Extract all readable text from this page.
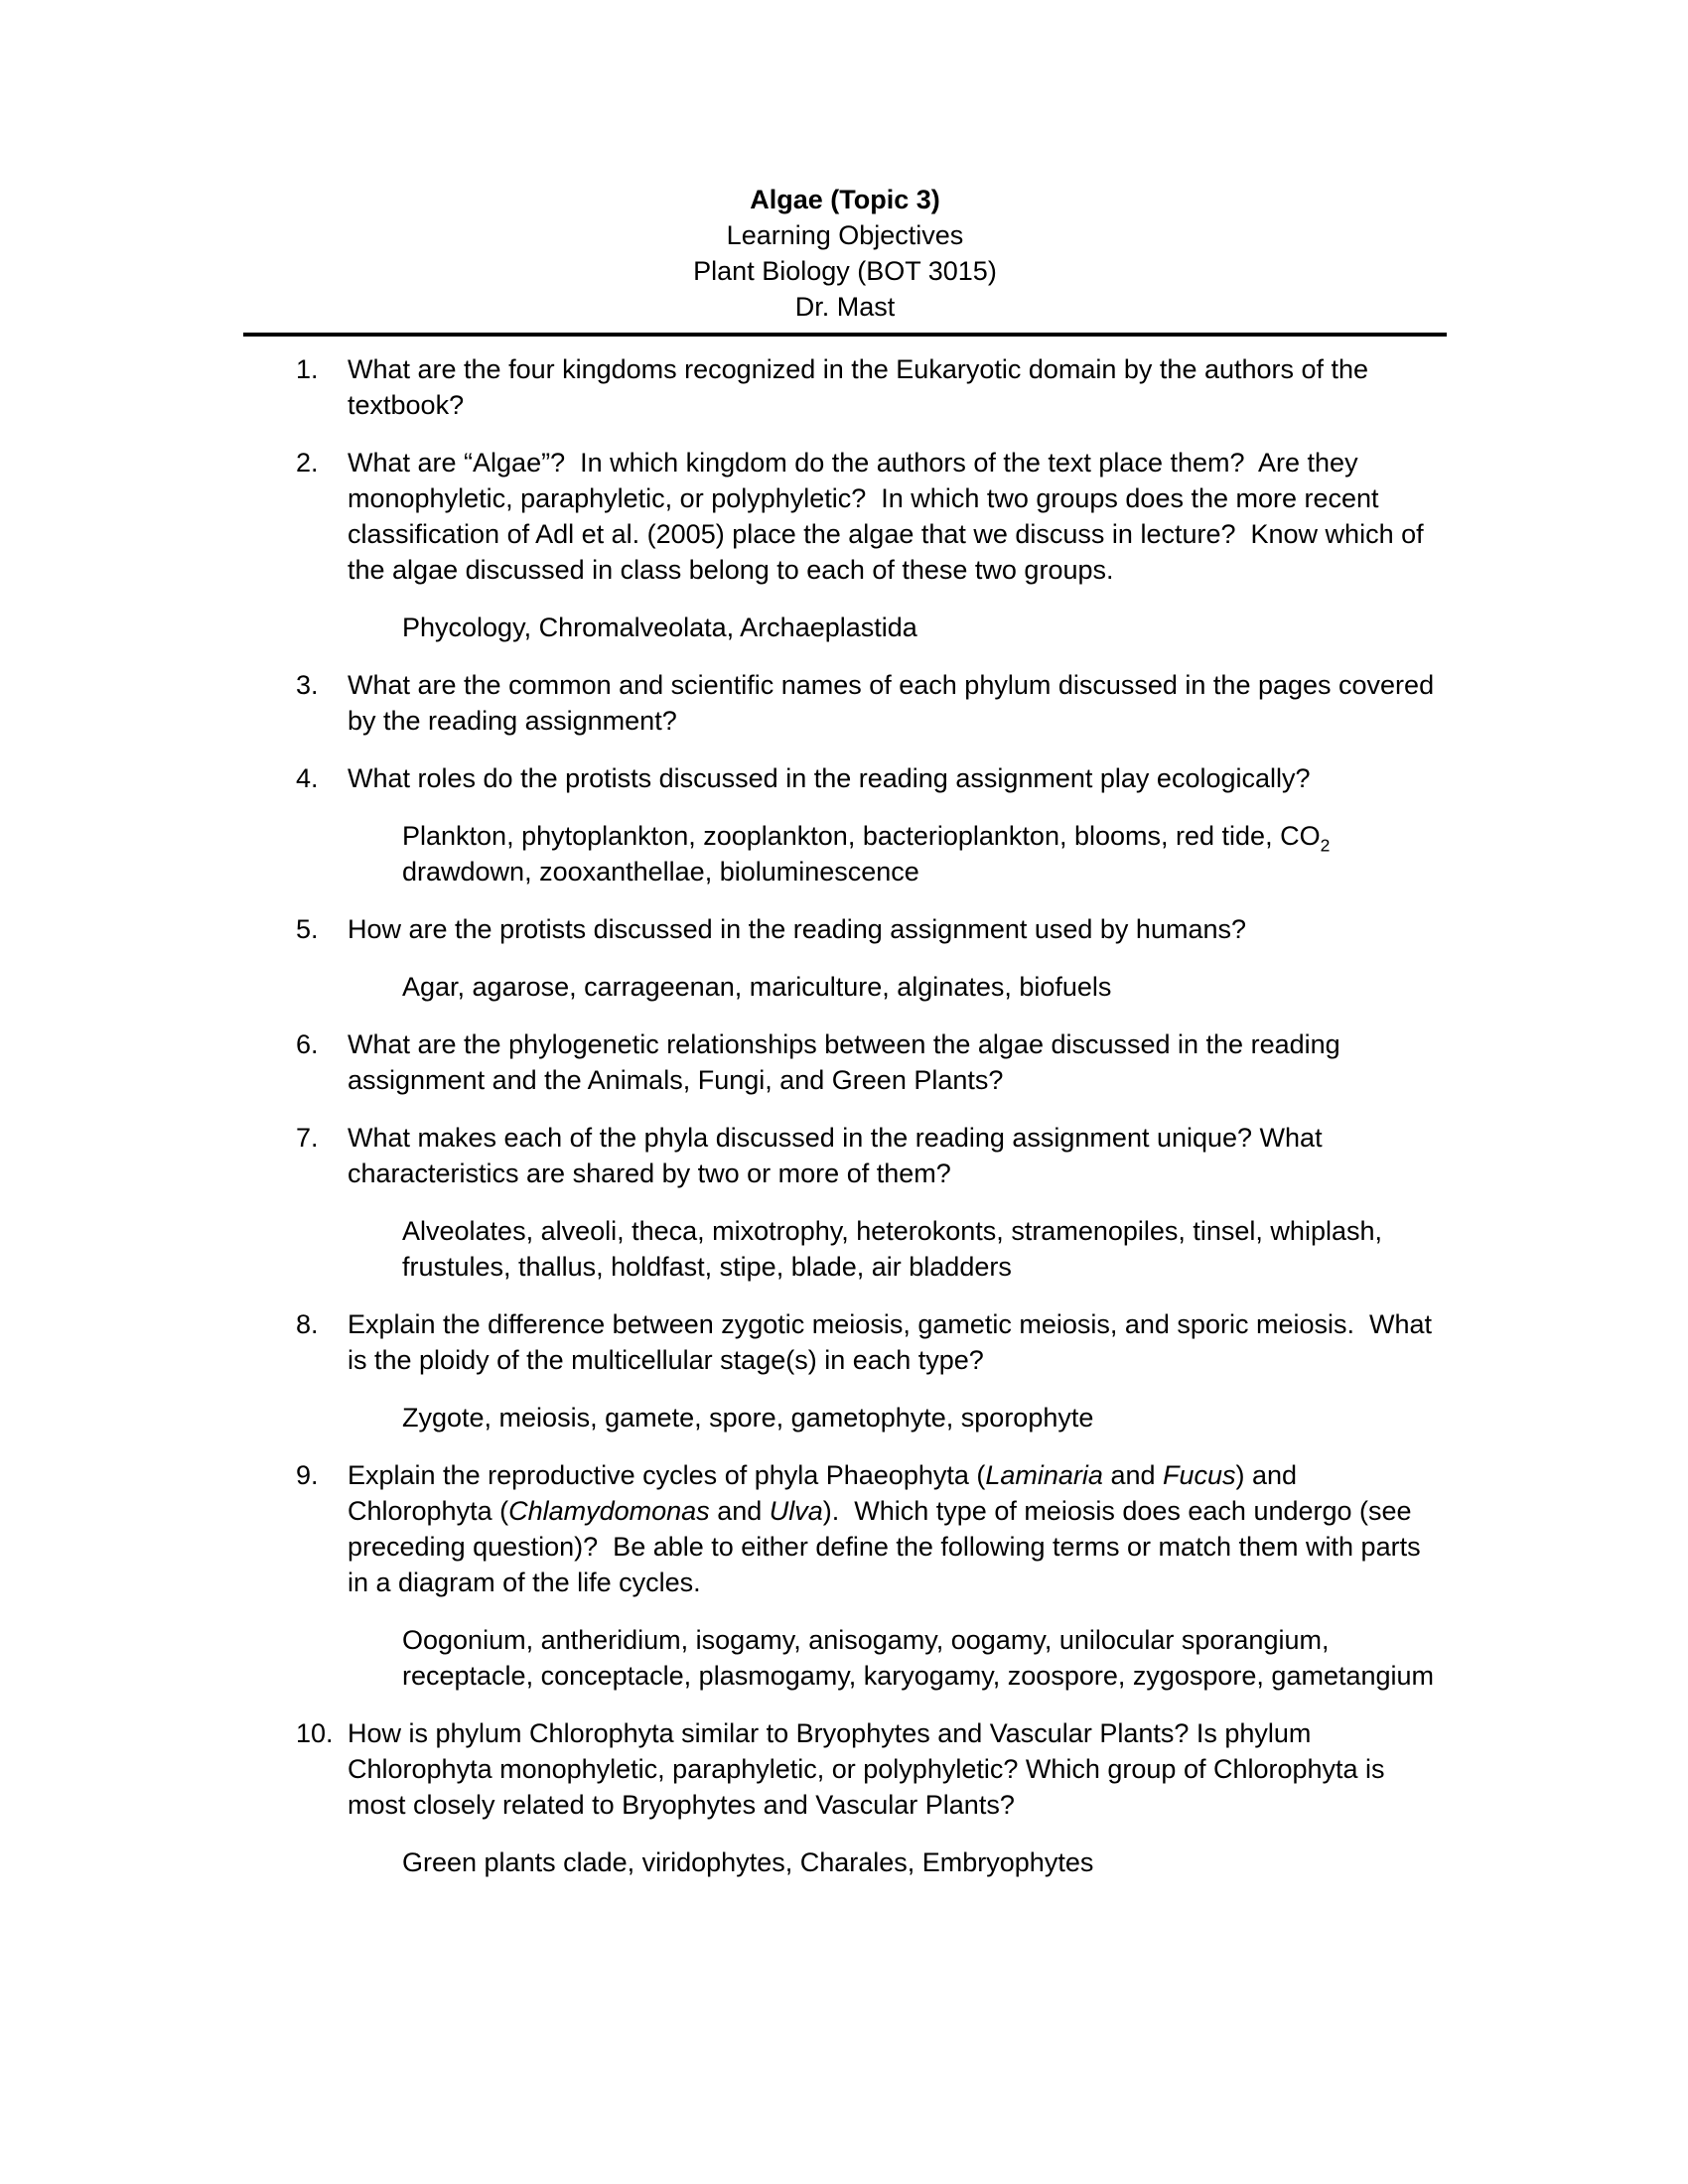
Algae (Topic 3)
Learning Objectives
Plant Biology (BOT 3015)
Dr. Mast
1.	What are the four kingdoms recognized in the Eukaryotic domain by the authors of the textbook?

2.	What are “Algae”?  In which kingdom do the authors of the text place them?  Are they monophyletic, paraphyletic, or polyphyletic?  In which two groups does the more recent classification of Adl et al. (2005) place the algae that we discuss in lecture?  Know which of the algae discussed in class belong to each of these two groups.

Phycology, Chromalveolata, Archaeplastida

3.	What are the common and scientific names of each phylum discussed in the pages covered by the reading assignment?

4.	What roles do the protists discussed in the reading assignment play ecologically?

Plankton, phytoplankton, zooplankton, bacterioplankton, blooms, red tide, $CO_2$ drawdown, zooxanthellae, bioluminescence

5.	How are the protists discussed in the reading assignment used by humans?

Agar, agarose, carrageenan, mariculture, alginates, biofuels

6.	What are the phylogenetic relationships between the algae discussed in the reading assignment and the Animals, Fungi, and Green Plants?

7.	What makes each of the phyla discussed in the reading assignment unique? What characteristics are shared by two or more of them?

Alveolates, alveoli, theca, mixotrophy, heterokonts, stramenopiles, tinsel, whiplash, frustules, thallus, holdfast, stipe, blade, air bladders

8.	Explain the difference between zygotic meiosis, gametic meiosis, and sporic meiosis.  What is the ploidy of the multicellular stage(s) in each type?

Zygote, meiosis, gamete, spore, gametophyte, sporophyte

9.	Explain the reproductive cycles of phyla Phaeophyta (Laminaria and Fucus) and Chlorophyta (Chlamydomonas and Ulva).  Which type of meiosis does each undergo (see preceding question)?  Be able to either define the following terms or match them with parts in a diagram of the life cycles.

Oogonium, antheridium, isogamy, anisogamy, oogamy, unilocular sporangium, receptacle, conceptacle, plasmogamy, karyogamy, zoospore, zygospore, gametangium

10. How is phylum Chlorophyta similar to Bryophytes and Vascular Plants? Is phylum Chlorophyta monophyletic, paraphyletic, or polyphyletic? Which group of Chlorophyta is most closely related to Bryophytes and Vascular Plants?

Green plants clade, viridophytes, Charales, Embryophytes
